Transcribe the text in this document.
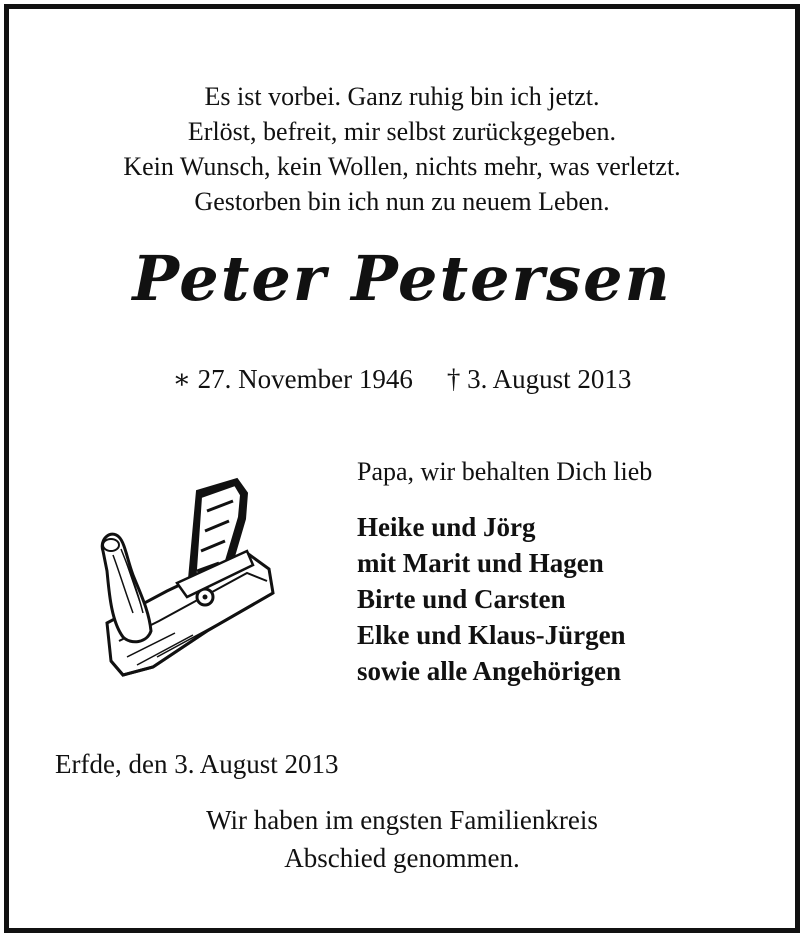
Es ist vorbei. Ganz ruhig bin ich jetzt.
Erlöst, befreit, mir selbst zurückgegeben.
Kein Wunsch, kein Wollen, nichts mehr, was verletzt.
Gestorben bin ich nun zu neuem Leben.
Peter Petersen
∗ 27. November 1946 † 3. August 2013
Papa, wir behalten Dich lieb
Heike und Jörg
mit Marit und Hagen
Birte und Carsten
Elke und Klaus-Jürgen
sowie alle Angehörigen
Erfde, den 3. August 2013
Wir haben im engsten Familienkreis
Abschied genommen.
